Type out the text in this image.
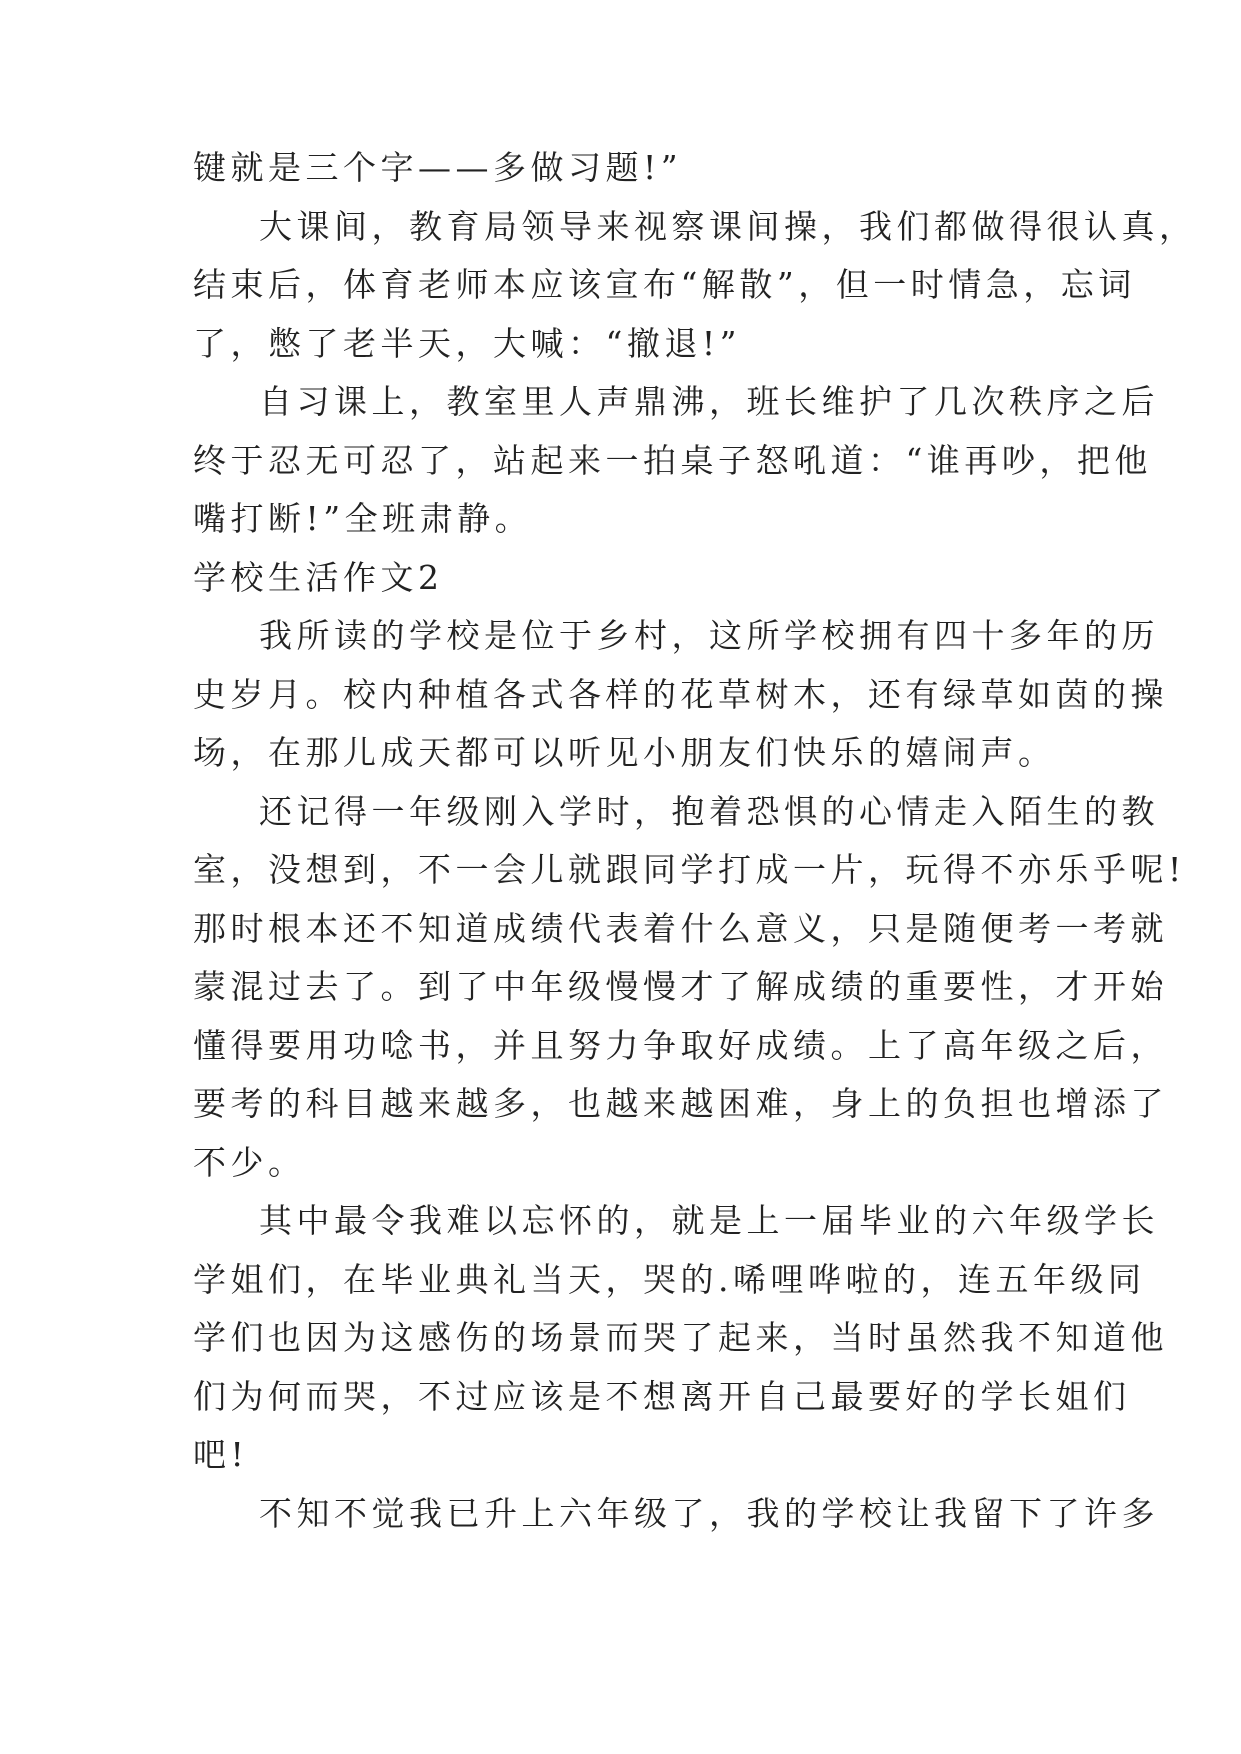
键就是三个字——多做习题!”
大课间，教育局领导来视察课间操，我们都做得很认真，
结束后，体育老师本应该宣布“解散”，但一时情急，忘词
了，憋了老半天，大喊：“撤退!”
自习课上，教室里人声鼎沸，班长维护了几次秩序之后
终于忍无可忍了，站起来一拍桌子怒吼道：“谁再吵，把他
嘴打断!”全班肃静。
学校生活作文2
我所读的学校是位于乡村，这所学校拥有四十多年的历
史岁月。校内种植各式各样的花草树木，还有绿草如茵的操
场，在那儿成天都可以听见小朋友们快乐的嬉闹声。
还记得一年级刚入学时，抱着恐惧的心情走入陌生的教
室，没想到，不一会儿就跟同学打成一片，玩得不亦乐乎呢!
那时根本还不知道成绩代表着什么意义，只是随便考一考就
蒙混过去了。到了中年级慢慢才了解成绩的重要性，才开始
懂得要用功唸书，并且努力争取好成绩。上了高年级之后，
要考的科目越来越多，也越来越困难，身上的负担也增添了
不少。
其中最令我难以忘怀的，就是上一届毕业的六年级学长
学姐们，在毕业典礼当天，哭的.唏哩哗啦的，连五年级同
学们也因为这感伤的场景而哭了起来，当时虽然我不知道他
们为何而哭，不过应该是不想离开自己最要好的学长姐们
吧!
不知不觉我已升上六年级了，我的学校让我留下了许多
